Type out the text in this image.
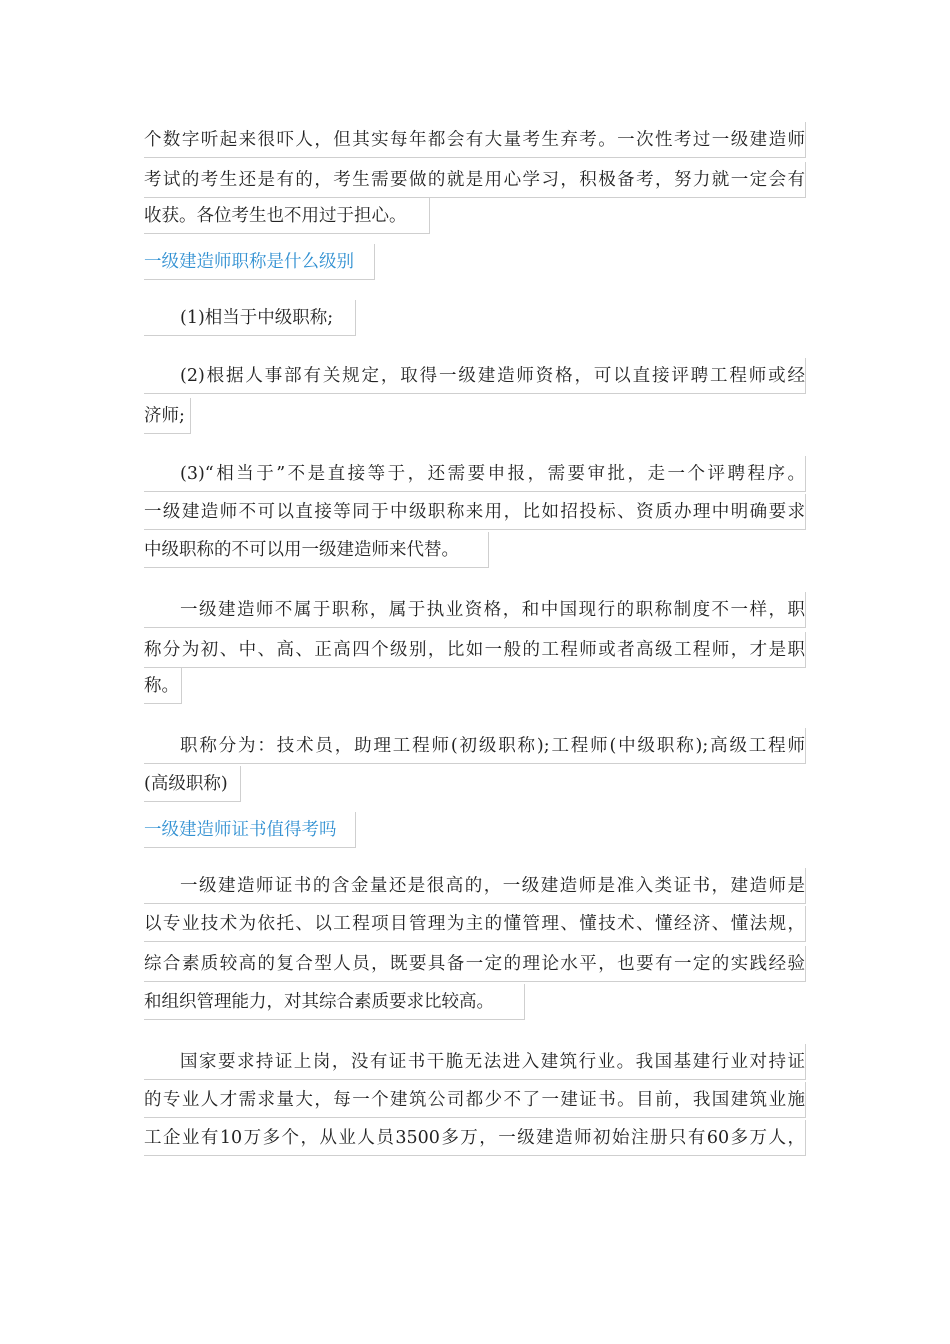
个数字听起来很吓人，但其实每年都会有大量考生弃考。一次性考过一级建造师
考试的考生还是有的，考生需要做的就是用心学习，积极备考，努力就一定会有
收获。各位考生也不用过于担心。
一级建造师职称是什么级别
(1)相当于中级职称;
(2)根据人事部有关规定，取得一级建造师资格，可以直接评聘工程师或经
济师;
(3)“相当于”不是直接等于，还需要申报，需要审批，走一个评聘程序。
一级建造师不可以直接等同于中级职称来用，比如招投标、资质办理中明确要求
中级职称的不可以用一级建造师来代替。
一级建造师不属于职称，属于执业资格，和中国现行的职称制度不一样，职
称分为初、中、高、正高四个级别，比如一般的工程师或者高级工程师，才是职
称。
职称分为：技术员，助理工程师(初级职称);工程师(中级职称);高级工程师
(高级职称)
一级建造师证书值得考吗
一级建造师证书的含金量还是很高的，一级建造师是准入类证书，建造师是
以专业技术为依托、以工程项目管理为主的懂管理、懂技术、懂经济、懂法规，
综合素质较高的复合型人员，既要具备一定的理论水平，也要有一定的实践经验
和组织管理能力，对其综合素质要求比较高。
国家要求持证上岗，没有证书干脆无法进入建筑行业。我国基建行业对持证
的专业人才需求量大，每一个建筑公司都少不了一建证书。目前，我国建筑业施
工企业有10万多个，从业人员3500多万，一级建造师初始注册只有60多万人，
